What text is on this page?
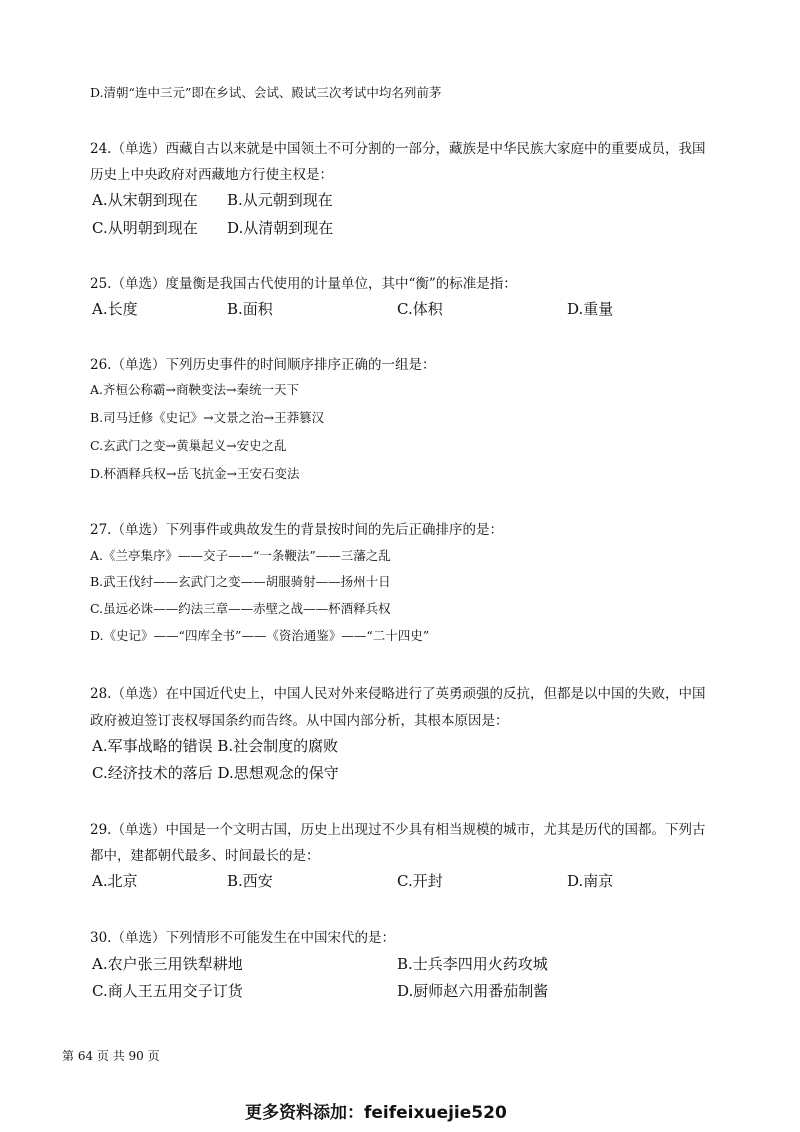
D.清朝“连中三元”即在乡试、会试、殿试三次考试中均名列前茅
24.（单选）西藏自古以来就是中国领土不可分割的一部分，藏族是中华民族大家庭中的重要成员，我国
历史上中央政府对西藏地方行使主权是：
A.从宋朝到现在 B.从元朝到现在
C.从明朝到现在 D.从清朝到现在
25.（单选）度量衡是我国古代使用的计量单位，其中“衡”的标准是指：
A.长度	B.面积	C.体积	D.重量
26.（单选）下列历史事件的时间顺序排序正确的一组是：
A.齐桓公称霸→商鞅变法→秦统一天下
B.司马迁修《史记》→文景之治→王莽篡汉
C.玄武门之变→黄巢起义→安史之乱
D.杯酒释兵权→岳飞抗金→王安石变法
27.（单选）下列事件或典故发生的背景按时间的先后正确排序的是：
A.《兰亭集序》——交子——“一条鞭法”——三藩之乱
B.武王伐纣——玄武门之变——胡服骑射——扬州十日
C.虽远必诛——约法三章——赤壁之战——杯酒释兵权
D.《史记》——“四库全书”——《资治通鉴》——“二十四史”
28.（单选）在中国近代史上，中国人民对外来侵略进行了英勇顽强的反抗，但都是以中国的失败，中国
政府被迫签订丧权辱国条约而告终。从中国内部分析，其根本原因是：
A.军事战略的错误 B.社会制度的腐败
C.经济技术的落后 D.思想观念的保守
29.（单选）中国是一个文明古国，历史上出现过不少具有相当规模的城市，尤其是历代的国都。下列古
都中，建都朝代最多、时间最长的是：
A.北京	B.西安	C.开封	D.南京
30.（单选）下列情形不可能发生在中国宋代的是：
A.农户张三用铁犁耕地	B.士兵李四用火药攻城
C.商人王五用交子订货	D.厨师赵六用番茄制酱
第 64 页 共 90 页
更多资料添加：feifeixuejie520
